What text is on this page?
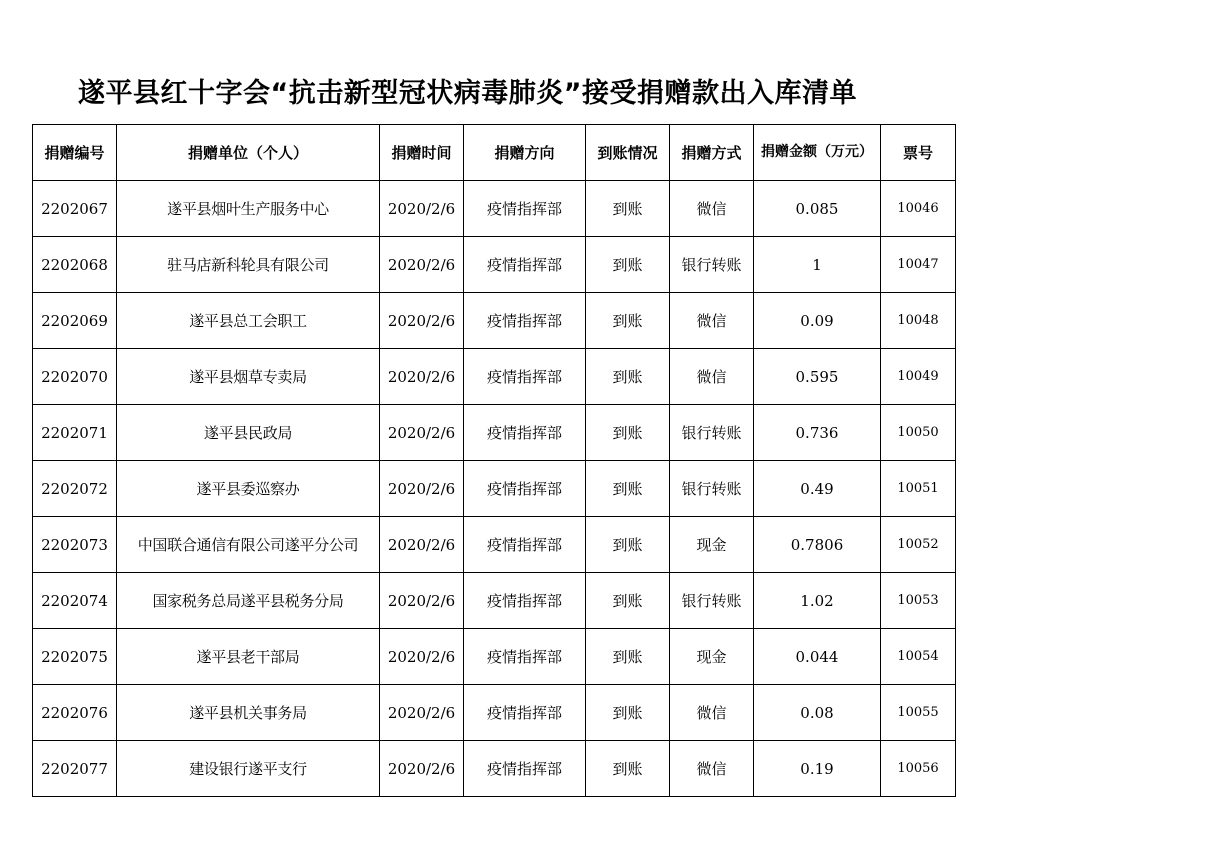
遂平县红十字会“抗击新型冠状病毒肺炎”接受捐赠款出入库清单
捐赠编号	捐赠单位（个人）	捐赠时间	捐赠方向	到账情况	捐赠方式	捐赠金额（万元）	票号
2202067	遂平县烟叶生产服务中心	2020/2/6	疫情指挥部	到账	微信	0.085	10046
2202068	驻马店新科轮具有限公司	2020/2/6	疫情指挥部	到账	银行转账	1	10047
2202069	遂平县总工会职工	2020/2/6	疫情指挥部	到账	微信	0.09	10048
2202070	遂平县烟草专卖局	2020/2/6	疫情指挥部	到账	微信	0.595	10049
2202071	遂平县民政局	2020/2/6	疫情指挥部	到账	银行转账	0.736	10050
2202072	遂平县委巡察办	2020/2/6	疫情指挥部	到账	银行转账	0.49	10051
2202073	中国联合通信有限公司遂平分公司	2020/2/6	疫情指挥部	到账	现金	0.7806	10052
2202074	国家税务总局遂平县税务分局	2020/2/6	疫情指挥部	到账	银行转账	1.02	10053
2202075	遂平县老干部局	2020/2/6	疫情指挥部	到账	现金	0.044	10054
2202076	遂平县机关事务局	2020/2/6	疫情指挥部	到账	微信	0.08	10055
2202077	建设银行遂平支行	2020/2/6	疫情指挥部	到账	微信	0.19	10056
